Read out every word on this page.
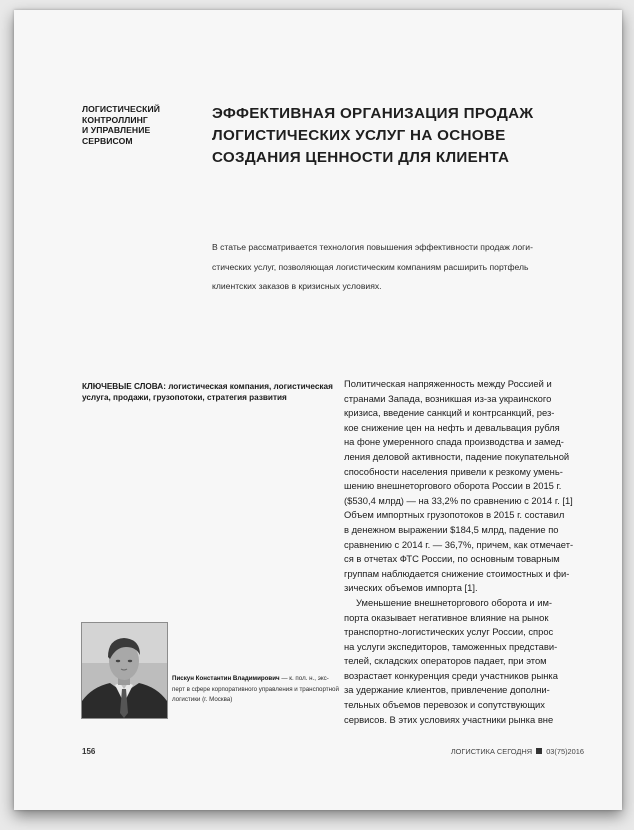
ЛОГИСТИЧЕСКИЙ
КОНТРОЛЛИНГ
И УПРАВЛЕНИЕ
СЕРВИСОМ
ЭФФЕКТИВНАЯ ОРГАНИЗАЦИЯ ПРОДАЖ
ЛОГИСТИЧЕСКИХ УСЛУГ НА ОСНОВЕ
СОЗДАНИЯ ЦЕННОСТИ ДЛЯ КЛИЕНТА
В статье рассматривается технология повышения эффективности продаж логи-
стических услуг, позволяющая логистическим компаниям расширить портфель
клиентских заказов в кризисных условиях.
КЛЮЧЕВЫЕ СЛОВА: логистическая компания, логистическая
услуга, продажи, грузопотоки, стратегия развития
Пискун Константин Владимирович — к. пол. н., экс-
перт в сфере корпоративного управления и транспортной
логистики (г. Москва)
Политическая напряженность между Россией и
странами Запада, возникшая из-за украинского
кризиса, введение санкций и контрсанкций, рез-
кое снижение цен на нефть и девальвация рубля
на фоне умеренного спада производства и замед-
ления деловой активности, падение покупательной
способности населения привели к резкому умень-
шению внешнеторгового оборота России в 2015 г.
($530,4 млрд) — на 33,2% по сравнению с 2014 г. [1]
Объем импортных грузопотоков в 2015 г. составил
в денежном выражении $184,5 млрд, падение по
сравнению с 2014 г. — 36,7%, причем, как отмечает-
ся в отчетах ФТС России, по основным товарным
группам наблюдается снижение стоимостных и фи-
зических объемов импорта [1].
Уменьшение внешнеторгового оборота и им-
порта оказывает негативное влияние на рынок
транспортно-логистических услуг России, спрос
на услуги экспедиторов, таможенных представи-
телей, складских операторов падает, при этом
возрастает конкуренция среди участников рынка
за удержание клиентов, привлечение дополни-
тельных объемов перевозок и сопутствующих
сервисов. В этих условиях участники рынка вне
156	ЛОГИСТИКА СЕГОДНЯ 03(75)2016
